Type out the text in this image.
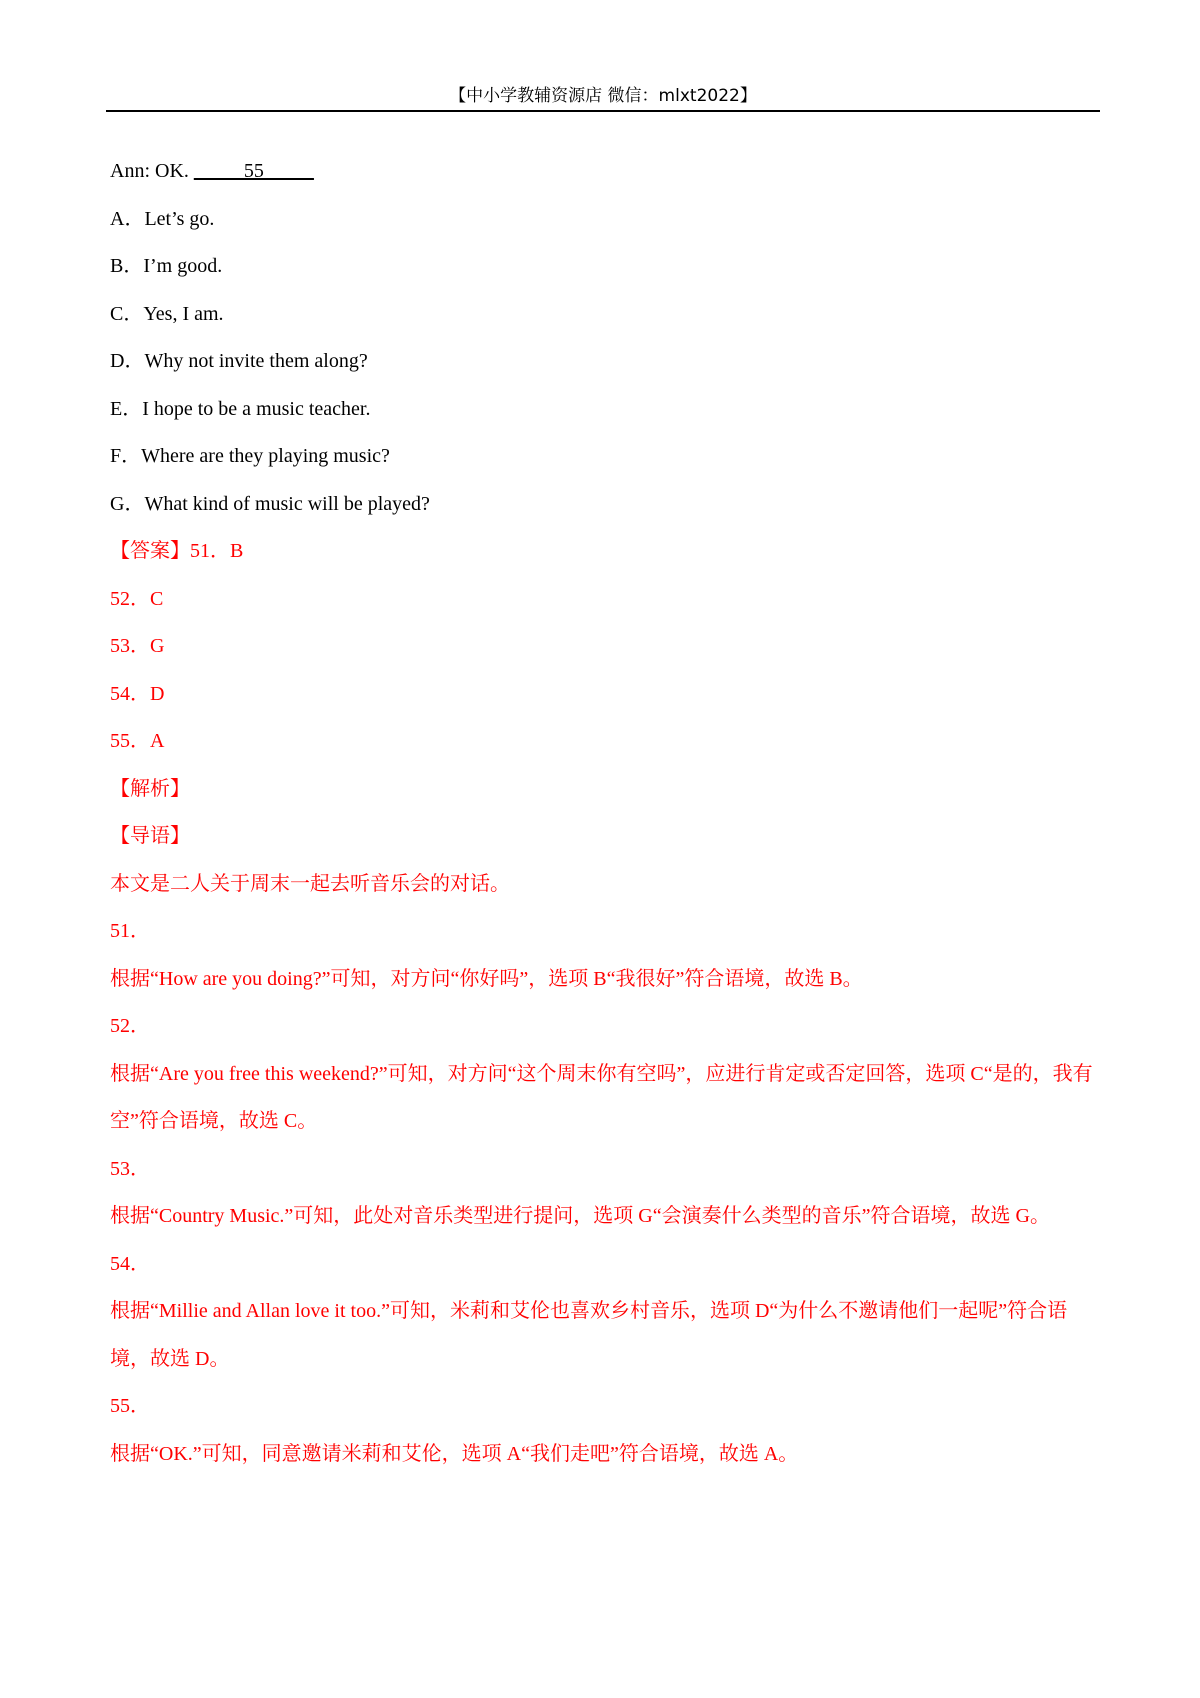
【中小学教辅资源店 微信：mlxt2022】
Ann: OK. _____55_____
A．Let’s go.
B．I’m good.
C．Yes, I am.
D．Why not invite them along?
E．I hope to be a music teacher.
F．Where are they playing music?
G．What kind of music will be played?
【答案】51．B
52．C
53．G
54．D
55．A
【解析】
【导语】
本文是二人关于周末一起去听音乐会的对话。
51．
根据“How are you doing?”可知，对方问“你好吗”，选项 B“我很好”符合语境，故选 B。
52．
根据“Are you free this weekend?”可知，对方问“这个周末你有空吗”，应进行肯定或否定回答，选项 C“是的，我有空”符合语境，故选 C。
53．
根据“Country Music.”可知，此处对音乐类型进行提问，选项 G“会演奏什么类型的音乐”符合语境，故选 G。
54．
根据“Millie and Allan love it too.”可知，米莉和艾伦也喜欢乡村音乐，选项 D“为什么不邀请他们一起呢”符合语境，故选 D。
55．
根据“OK.”可知，同意邀请米莉和艾伦，选项 A“我们走吧”符合语境，故选 A。
